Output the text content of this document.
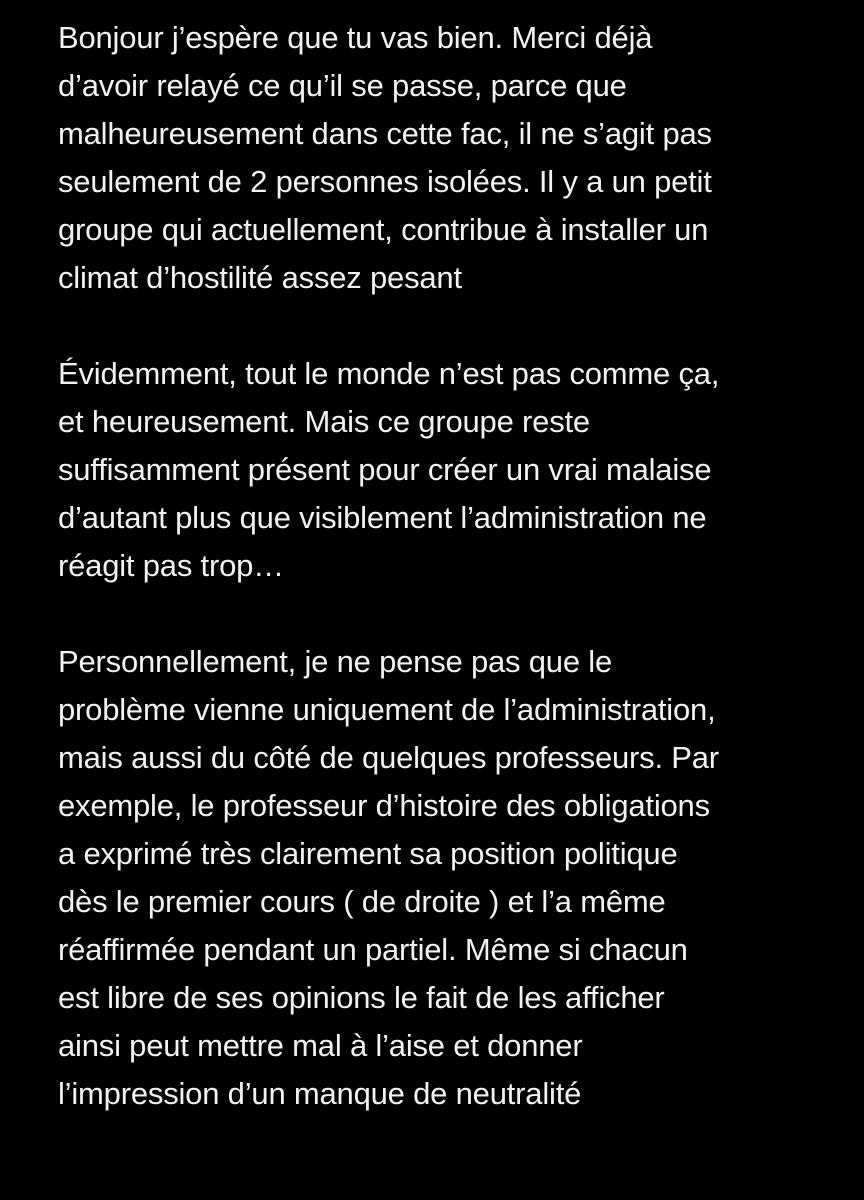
Bonjour j’espère que tu vas bien. Merci déjà
d’avoir relayé ce qu’il se passe, parce que
malheureusement dans cette fac, il ne s’agit pas
seulement de 2 personnes isolées. Il y a un petit
groupe qui actuellement, contribue à installer un
climat d’hostilité assez pesant
Évidemment, tout le monde n’est pas comme ça,
et heureusement. Mais ce groupe reste
suffisamment présent pour créer un vrai malaise
d’autant plus que visiblement l’administration ne
réagit pas trop…
Personnellement, je ne pense pas que le
problème vienne uniquement de l’administration,
mais aussi du côté de quelques professeurs. Par
exemple, le professeur d’histoire des obligations
a exprimé très clairement sa position politique
dès le premier cours ( de droite ) et l’a même
réaffirmée pendant un partiel. Même si chacun
est libre de ses opinions le fait de les afficher
ainsi peut mettre mal à l’aise et donner
l’impression d’un manque de neutralité
